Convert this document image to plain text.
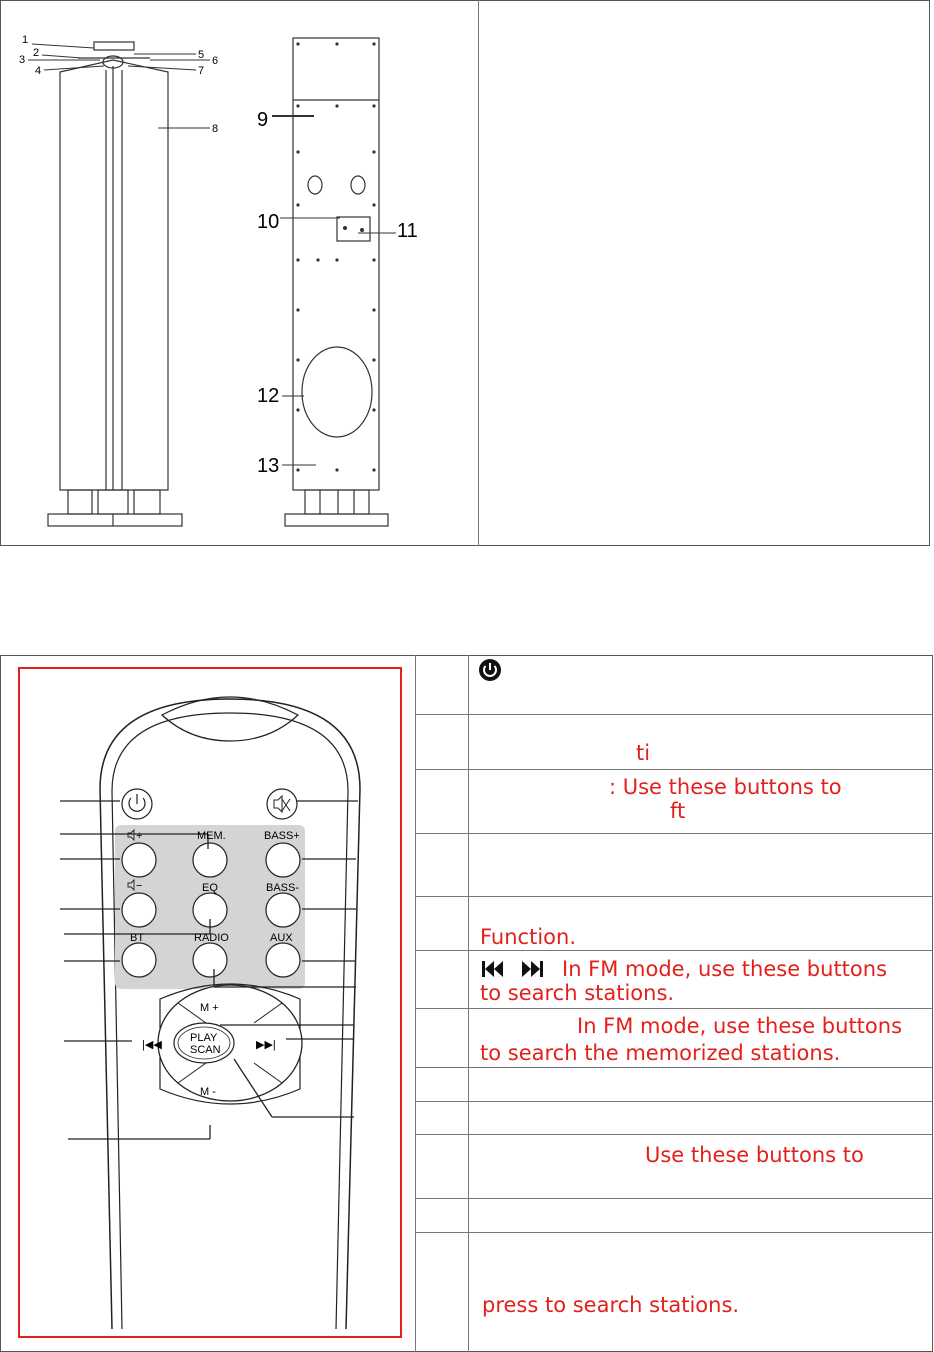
1
2
3
4
5 6
7
8 9
10	11
12
13
+
−
|◀◀	▶▶|
MEM.	BASS+
EQ	BASS-
BT	RADIO	AUX
M +
M -
PLAY
SCAN
ti
: Use these buttons to
ft
Function.
In FM mode, use these buttons
to search stations.
In FM mode, use these buttons
to search the memorized stations.
Use these buttons to
press to search stations.
